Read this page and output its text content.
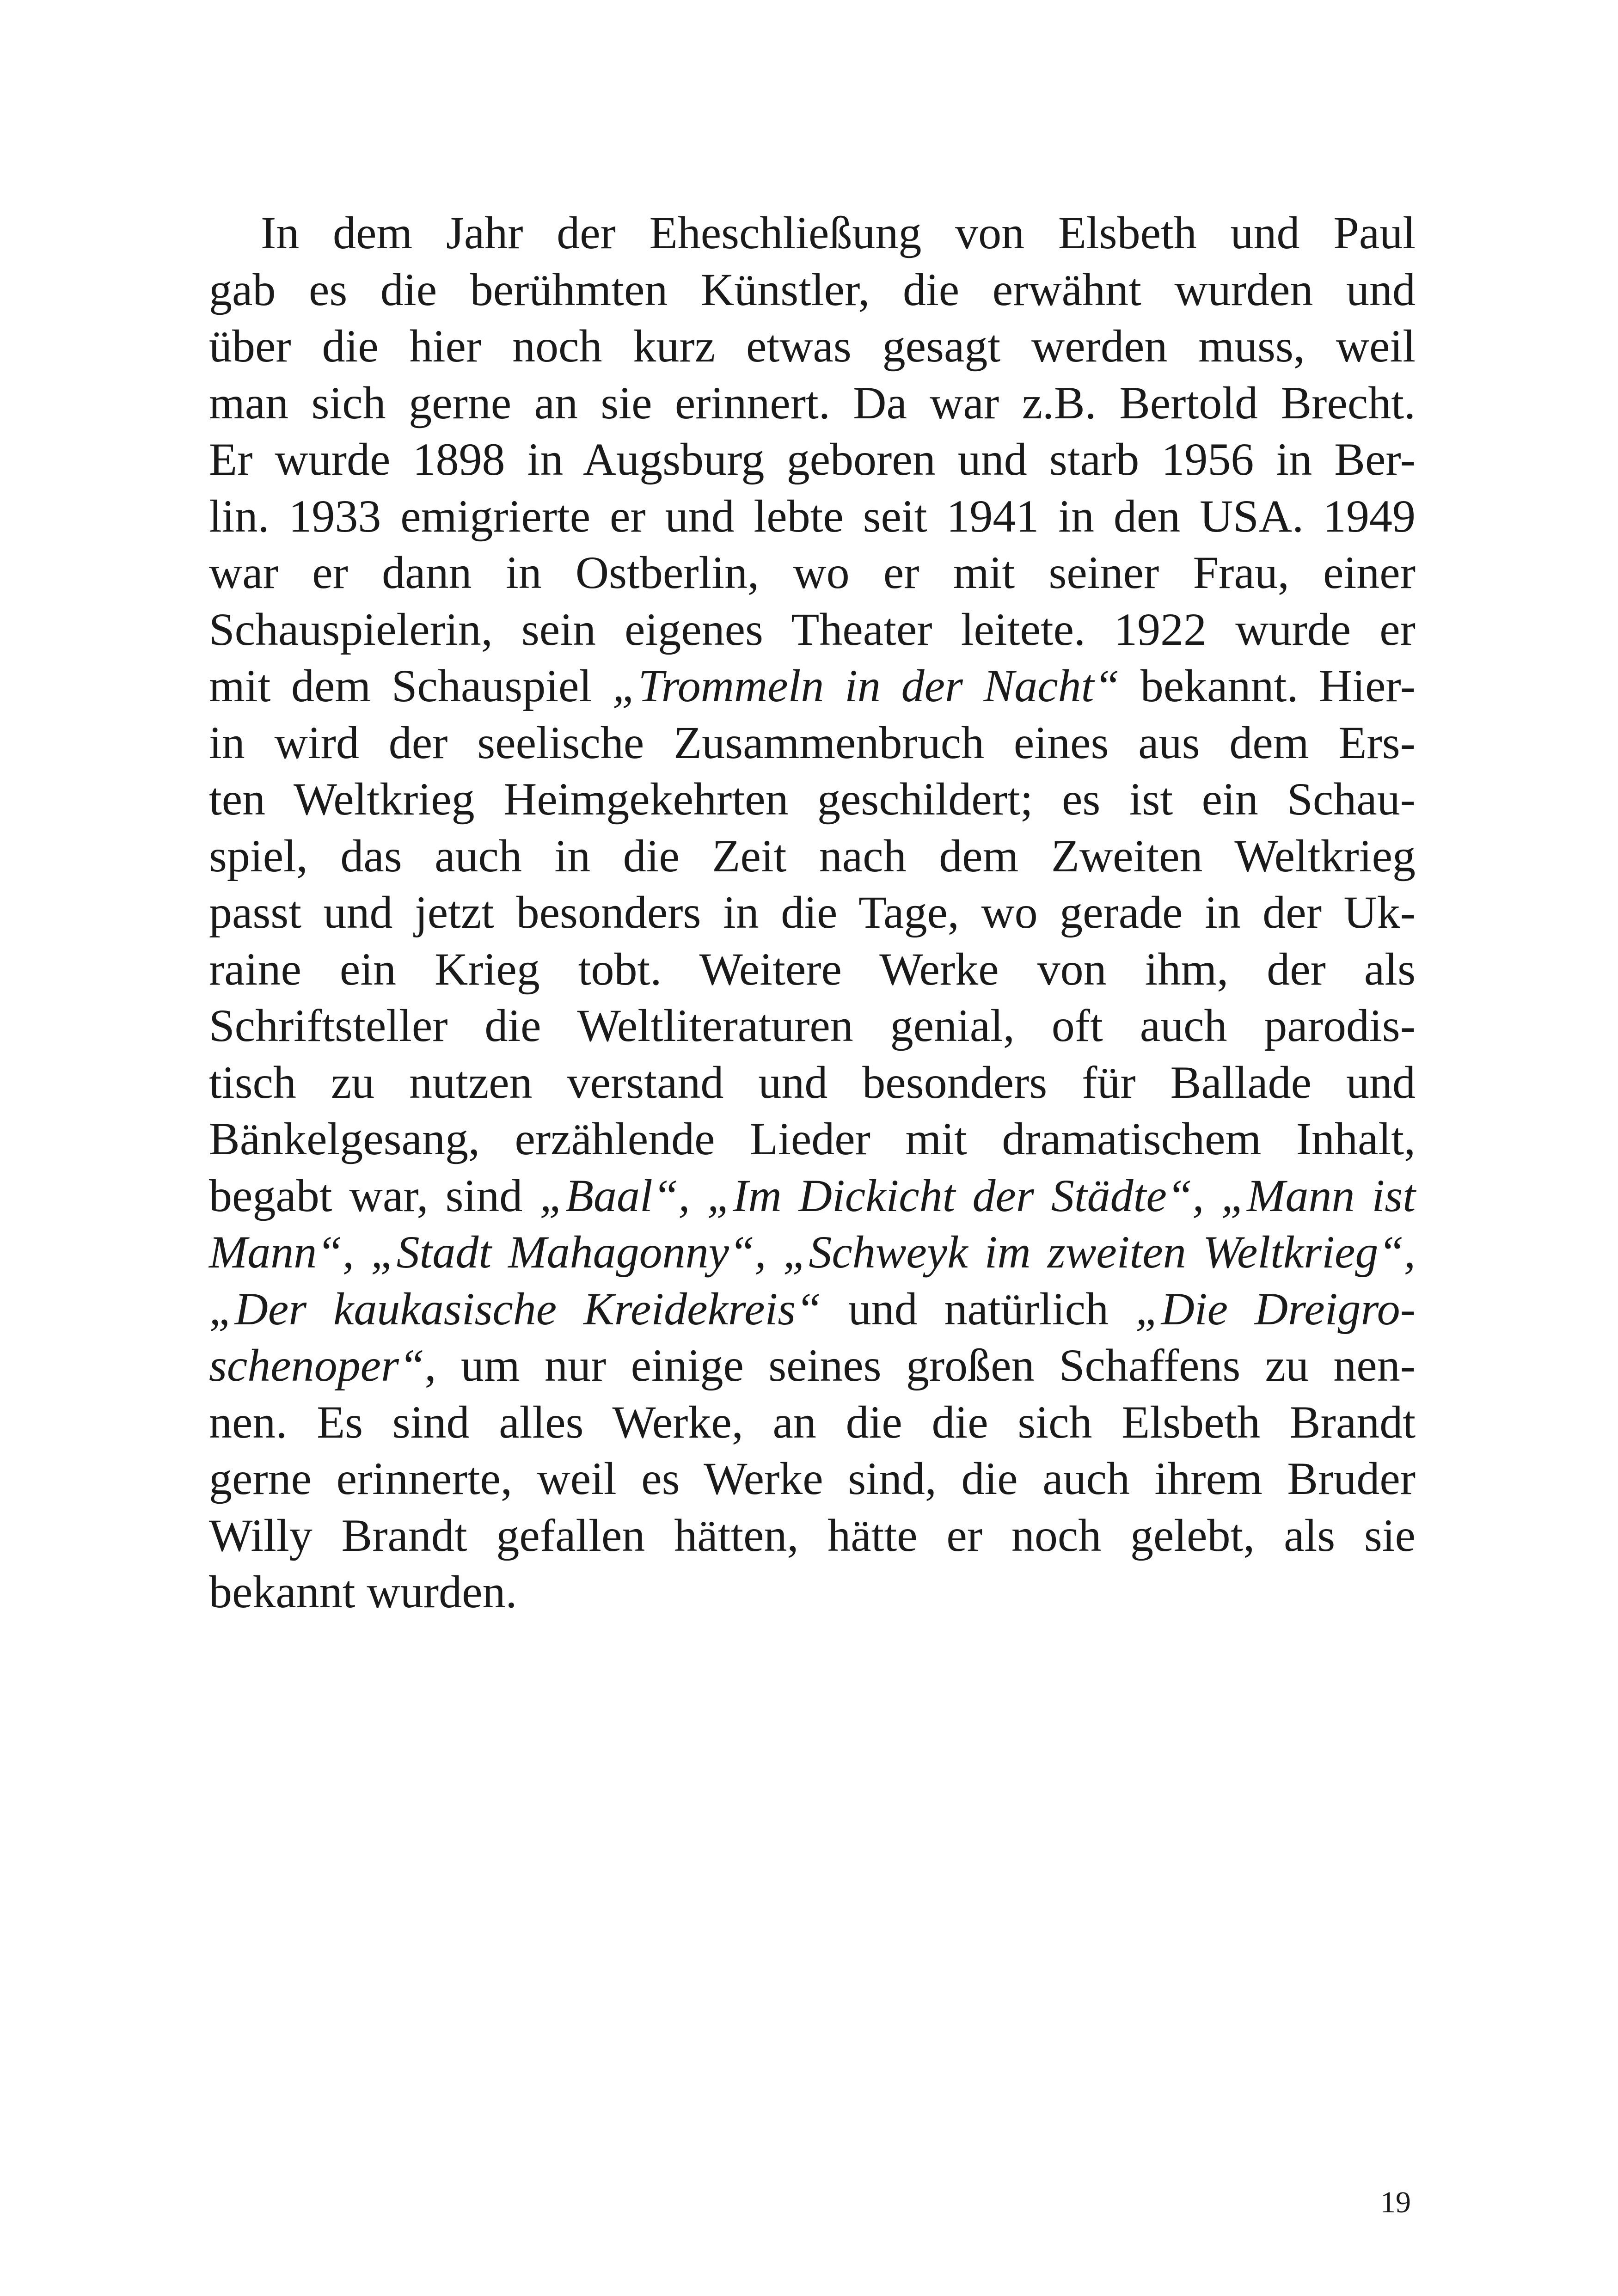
In dem Jahr der Eheschließung von Elsbeth und Paul
gab es die berühmten Künstler, die erwähnt wurden und
über die hier noch kurz etwas gesagt werden muss, weil
man sich gerne an sie erinnert. Da war z.B. Bertold Brecht.
Er wurde 1898 in Augsburg geboren und starb 1956 in Ber-
lin. 1933 emigrierte er und lebte seit 1941 in den USA. 1949
war er dann in Ostberlin, wo er mit seiner Frau, einer
Schauspielerin, sein eigenes Theater leitete. 1922 wurde er
mit dem Schauspiel „Trommeln in der Nacht“ bekannt. Hier-
in wird der seelische Zusammenbruch eines aus dem Ers-
ten Weltkrieg Heimgekehrten geschildert; es ist ein Schau-
spiel, das auch in die Zeit nach dem Zweiten Weltkrieg
passt und jetzt besonders in die Tage, wo gerade in der Uk-
raine ein Krieg tobt. Weitere Werke von ihm, der als
Schriftsteller die Weltliteraturen genial, oft auch parodis-
tisch zu nutzen verstand und besonders für Ballade und
Bänkelgesang, erzählende Lieder mit dramatischem Inhalt,
begabt war, sind „Baal“, „Im Dickicht der Städte“, „Mann ist
Mann“, „Stadt Mahagonny“, „Schweyk im zweiten Weltkrieg“,
„Der kaukasische Kreidekreis“ und natürlich „Die Dreigro-
schenoper“, um nur einige seines großen Schaffens zu nen-
nen. Es sind alles Werke, an die die sich Elsbeth Brandt
gerne erinnerte, weil es Werke sind, die auch ihrem Bruder
Willy Brandt gefallen hätten, hätte er noch gelebt, als sie
bekannt wurden.
19
